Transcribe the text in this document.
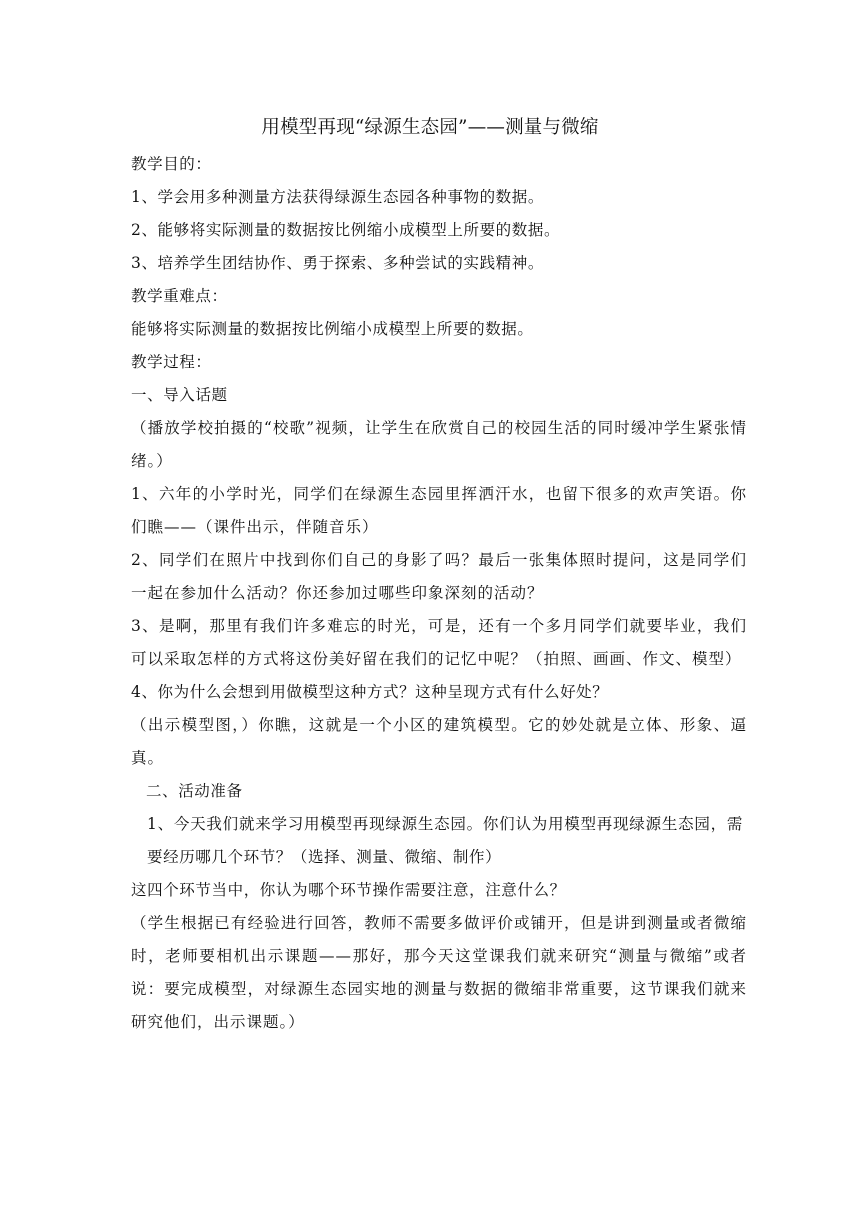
用模型再现“绿源生态园”——测量与微缩
教学目的：
1、学会用多种测量方法获得绿源生态园各种事物的数据。
2、能够将实际测量的数据按比例缩小成模型上所要的数据。
3、培养学生团结协作、勇于探索、多种尝试的实践精神。
教学重难点：
能够将实际测量的数据按比例缩小成模型上所要的数据。
教学过程：
一、导入话题
（播放学校拍摄的“校歌”视频，让学生在欣赏自己的校园生活的同时缓冲学生紧张情绪。）
1、六年的小学时光，同学们在绿源生态园里挥洒汗水，也留下很多的欢声笑语。你们瞧——（课件出示，伴随音乐）
2、同学们在照片中找到你们自己的身影了吗？最后一张集体照时提问，这是同学们一起在参加什么活动？你还参加过哪些印象深刻的活动？
3、是啊，那里有我们许多难忘的时光，可是，还有一个多月同学们就要毕业，我们可以采取怎样的方式将这份美好留在我们的记忆中呢？（拍照、画画、作文、模型）
4、你为什么会想到用做模型这种方式？这种呈现方式有什么好处？
（出示模型图，）你瞧，这就是一个小区的建筑模型。它的妙处就是立体、形象、逼真。
二、活动准备
1、今天我们就来学习用模型再现绿源生态园。你们认为用模型再现绿源生态园，需要经历哪几个环节？（选择、测量、微缩、制作）
这四个环节当中，你认为哪个环节操作需要注意，注意什么？
（学生根据已有经验进行回答，教师不需要多做评价或铺开，但是讲到测量或者微缩时，老师要相机出示课题——那好，那今天这堂课我们就来研究“测量与微缩”或者说：要完成模型，对绿源生态园实地的测量与数据的微缩非常重要，这节课我们就来研究他们，出示课题。）
